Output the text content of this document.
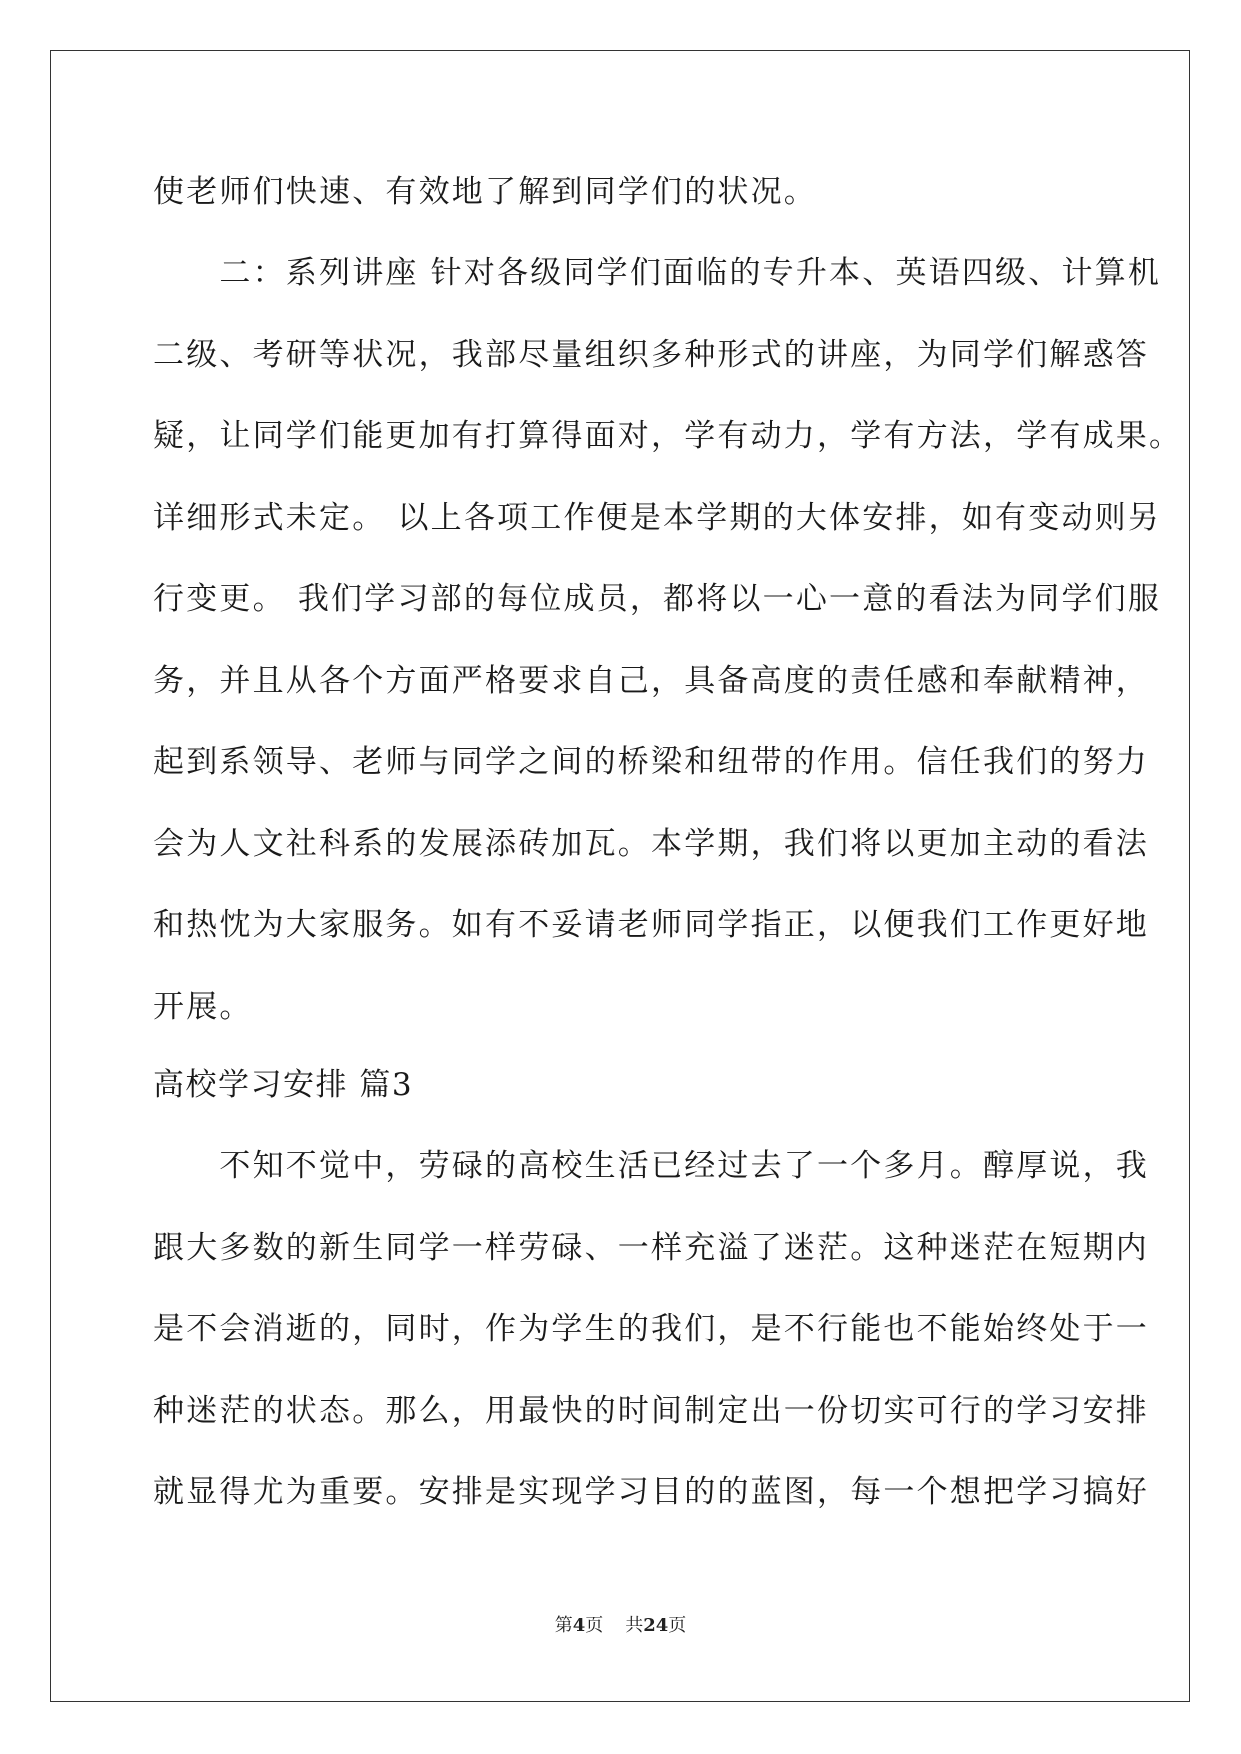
使老师们快速、有效地了解到同学们的状况。
　　二：系列讲座 针对各级同学们面临的专升本、英语四级、计算机
二级、考研等状况，我部尽量组织多种形式的讲座，为同学们解惑答
疑，让同学们能更加有打算得面对，学有动力，学有方法，学有成果。
详细形式未定。 以上各项工作便是本学期的大体安排，如有变动则另
行变更。 我们学习部的每位成员，都将以一心一意的看法为同学们服
务，并且从各个方面严格要求自己，具备高度的责任感和奉献精神，
起到系领导、老师与同学之间的桥梁和纽带的作用。信任我们的努力
会为人文社科系的发展添砖加瓦。本学期，我们将以更加主动的看法
和热忱为大家服务。如有不妥请老师同学指正，以便我们工作更好地
开展。
高校学习安排 篇3
　　不知不觉中，劳碌的高校生活已经过去了一个多月。醇厚说，我
跟大多数的新生同学一样劳碌、一样充溢了迷茫。这种迷茫在短期内
是不会消逝的，同时，作为学生的我们，是不行能也不能始终处于一
种迷茫的状态。那么，用最快的时间制定出一份切实可行的学习安排
就显得尤为重要。安排是实现学习目的的蓝图，每一个想把学习搞好
第4页 共24页
